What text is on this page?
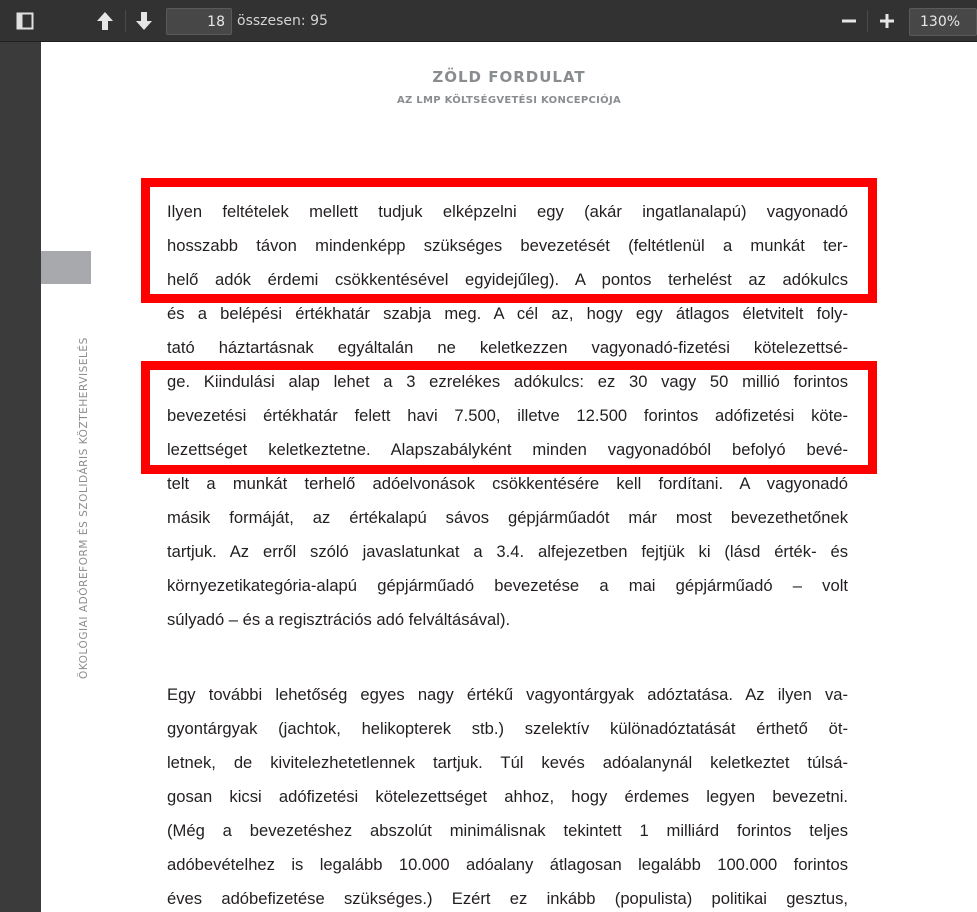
18
összesen: 95	130%
ZÖLD FORDULAT
AZ LMP KÖLTSÉGVETÉSI KONCEPCIÓJA
ÖKOLÓGIAI ADÓREFORM ÉS SZOLIDÁRIS KÖZTEHERVISELÉS
Ilyen feltételek mellett tudjuk elképzelni egy (akár ingatlanalapú) vagyonadó
hosszabb távon mindenképp szükséges bevezetését (feltétlenül a munkát ter-
helő adók érdemi csökkentésével egyidejűleg). A pontos terhelést az adókulcs
és a belépési értékhatár szabja meg. A cél az, hogy egy átlagos életvitelt foly-
tató háztartásnak egyáltalán ne keletkezzen vagyonadó-fizetési kötelezettsé-
ge. Kiindulási alap lehet a 3 ezrelékes adókulcs: ez 30 vagy 50 millió forintos
bevezetési értékhatár felett havi 7.500, illetve 12.500 forintos adófizetési köte-
lezettséget keletkeztetne. Alapszabályként minden vagyonadóból befolyó bevé-
telt a munkát terhelő adóelvonások csökkentésére kell fordítani. A vagyonadó
másik formáját, az értékalapú sávos gépjárműadót már most bevezethetőnek
tartjuk. Az erről szóló javaslatunkat a 3.4. alfejezetben fejtjük ki (lásd érték- és
környezetikategória-alapú gépjárműadó bevezetése a mai gépjárműadó – volt
súlyadó – és a regisztrációs adó felváltásával).
Egy további lehetőség egyes nagy értékű vagyontárgyak adóztatása. Az ilyen va-
gyontárgyak (jachtok, helikopterek stb.) szelektív különadóztatását érthető öt-
letnek, de kivitelezhetetlennek tartjuk. Túl kevés adóalanynál keletkeztet túlsá-
gosan kicsi adófizetési kötelezettséget ahhoz, hogy érdemes legyen bevezetni.
(Még a bevezetéshez abszolút minimálisnak tekintett 1 milliárd forintos teljes
adóbevételhez is legalább 10.000 adóalany átlagosan legalább 100.000 forintos
éves adóbefizetése szükséges.) Ezért ez inkább (populista) politikai gesztus,
